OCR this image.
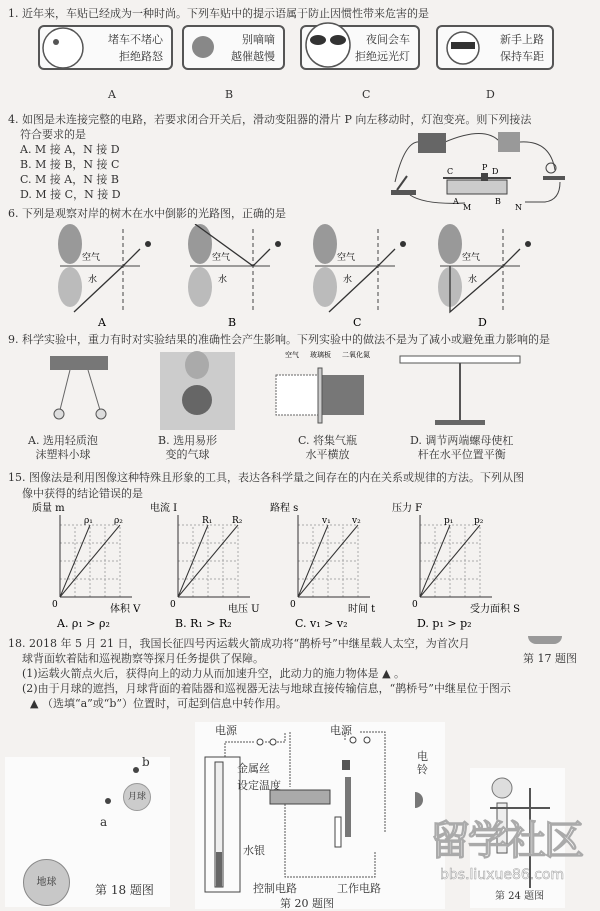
1. 近年来，车贴已经成为一种时尚。下列车贴中的提示语属于防止因惯性带来危害的是
堵车不堵心
拒绝路怒
别嘀嘀
越催越慢
夜间会车
拒绝远光灯
新手上路
保持车距
A	B	C	D
4. 如图是未连接完整的电路，若要求闭合开关后，滑动变阻器的滑片 P 向左移动时，灯泡变亮。则下列接法
符合要求的是
A. M 接 A，N 接 D
B. M 接 B，N 接 C
C. M 接 A，N 接 B
D. M 接 C，N 接 D
C	P D
A	B
M	N
6. 下列是观察对岸的树木在水中倒影的光路图，正确的是
空气
水
A
空气
水
B
空气
水
C
空气
水
D
9. 科学实验中，重力有时对实验结果的准确性会产生影响。下列实验中的做法不是为了减小或避免重力影响的是
空气 玻璃板 二氧化氮
A. 选用轻质泡
沫塑料小球
B. 选用易形
变的气球
C. 将集气瓶
水平横放
D. 调节两端螺母使杠
杆在水平位置平衡
15. 图像法是利用图像这种特殊且形象的工具，表达各科学量之间存在的内在关系或规律的方法。下列从图
像中获得的结论错误的是
质量 m
体积 V
ρ₁ ρ₂
0
A. ρ₁ > ρ₂
电流 I
电压 U
R₁ R₂
0
B. R₁ > R₂
路程 s
时间 t
v₁ v₂
0
C. v₁ > v₂
压力 F
受力面积 S
p₁ p₂
0
D. p₁ > p₂
18. 2018 年 5 月 21 日，我国长征四号丙运载火箭成功将“鹊桥号”中继星载人太空，为首次月
球背面软着陆和巡视勘察等探月任务提供了保障。
(1)运载火箭点火后，获得向上的动力从而加速升空，此动力的施力物体是 ▲ 。
(2)由于月球的遮挡，月球背面的着陆器和巡视器无法与地球直接传输信息，“鹊桥号”中继星位于图示
▲ （选填“a”或“b”）位置时，可起到信息中转作用。
第 17 题图
b
a
月球
地球
第 18 题图
电源	电源
金属丝
设定温度
水银
电铃
控制电路	工作电路
第 20 题图
第 24 题图
留学社区
bbs.liuxue86.com
